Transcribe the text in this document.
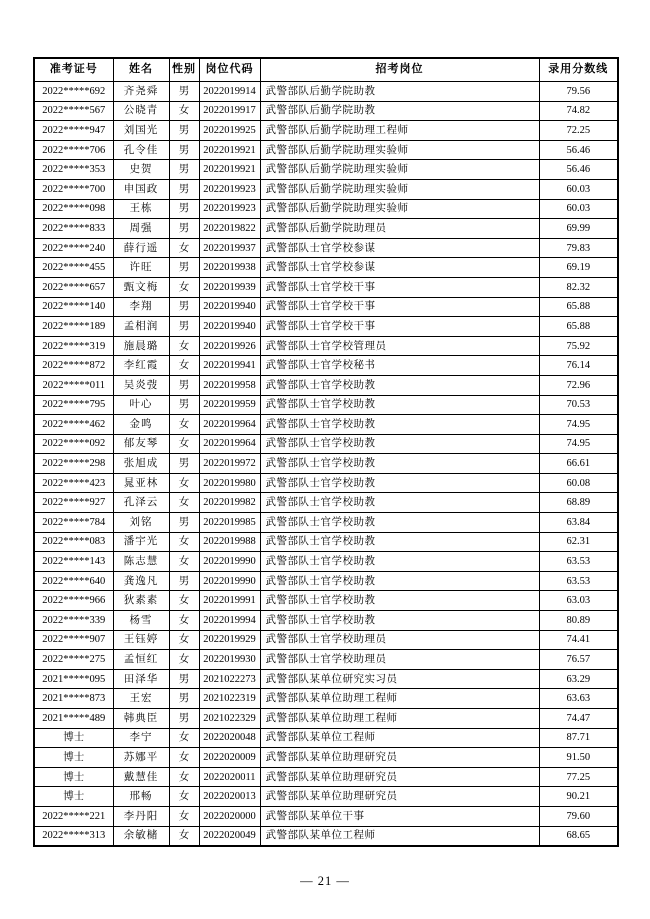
准考证号	姓名	性别	岗位代码	招考岗位	录用分数线
2022*****692	齐尧舜	男	2022019914	武警部队后勤学院助教	79.56
2022*****567	公晓青	女	2022019917	武警部队后勤学院助教	74.82
2022*****947	刘国光	男	2022019925	武警部队后勤学院助理工程师	72.25
2022*****706	孔令佳	男	2022019921	武警部队后勤学院助理实验师	56.46
2022*****353	史贺	男	2022019921	武警部队后勤学院助理实验师	56.46
2022*****700	申国政	男	2022019923	武警部队后勤学院助理实验师	60.03
2022*****098	王栋	男	2022019923	武警部队后勤学院助理实验师	60.03
2022*****833	周强	男	2022019822	武警部队后勤学院助理员	69.99
2022*****240	薛行遥	女	2022019937	武警部队士官学校参谋	79.83
2022*****455	许旺	男	2022019938	武警部队士官学校参谋	69.19
2022*****657	甄文梅	女	2022019939	武警部队士官学校干事	82.32
2022*****140	李翔	男	2022019940	武警部队士官学校干事	65.88
2022*****189	孟相润	男	2022019940	武警部队士官学校干事	65.88
2022*****319	施晨璐	女	2022019926	武警部队士官学校管理员	75.92
2022*****872	李红霞	女	2022019941	武警部队士官学校秘书	76.14
2022*****011	吴炎弢	男	2022019958	武警部队士官学校助教	72.96
2022*****795	叶心	男	2022019959	武警部队士官学校助教	70.53
2022*****462	金鸣	女	2022019964	武警部队士官学校助教	74.95
2022*****092	郁友琴	女	2022019964	武警部队士官学校助教	74.95
2022*****298	张旭成	男	2022019972	武警部队士官学校助教	66.61
2022*****423	晁亚林	女	2022019980	武警部队士官学校助教	60.08
2022*****927	孔泽云	女	2022019982	武警部队士官学校助教	68.89
2022*****784	刘铭	男	2022019985	武警部队士官学校助教	63.84
2022*****083	潘宇光	女	2022019988	武警部队士官学校助教	62.31
2022*****143	陈志慧	女	2022019990	武警部队士官学校助教	63.53
2022*****640	龚逸凡	男	2022019990	武警部队士官学校助教	63.53
2022*****966	狄素素	女	2022019991	武警部队士官学校助教	63.03
2022*****339	杨雪	女	2022019994	武警部队士官学校助教	80.89
2022*****907	王钰婷	女	2022019929	武警部队士官学校助理员	74.41
2022*****275	孟恒红	女	2022019930	武警部队士官学校助理员	76.57
2021*****095	田泽华	男	2021022273	武警部队某单位研究实习员	63.29
2021*****873	王宏	男	2021022319	武警部队某单位助理工程师	63.63
2021*****489	韩典臣	男	2021022329	武警部队某单位助理工程师	74.47
博士	李宁	女	2022020048	武警部队某单位工程师	87.71
博士	苏娜平	女	2022020009	武警部队某单位助理研究员	91.50
博士	戴慧佳	女	2022020011	武警部队某单位助理研究员	77.25
博士	邢畅	女	2022020013	武警部队某单位助理研究员	90.21
2022*****221	李丹阳	女	2022020000	武警部队某单位干事	79.60
2022*****313	余敏槠	女	2022020049	武警部队某单位工程师	68.65
— 21 —
